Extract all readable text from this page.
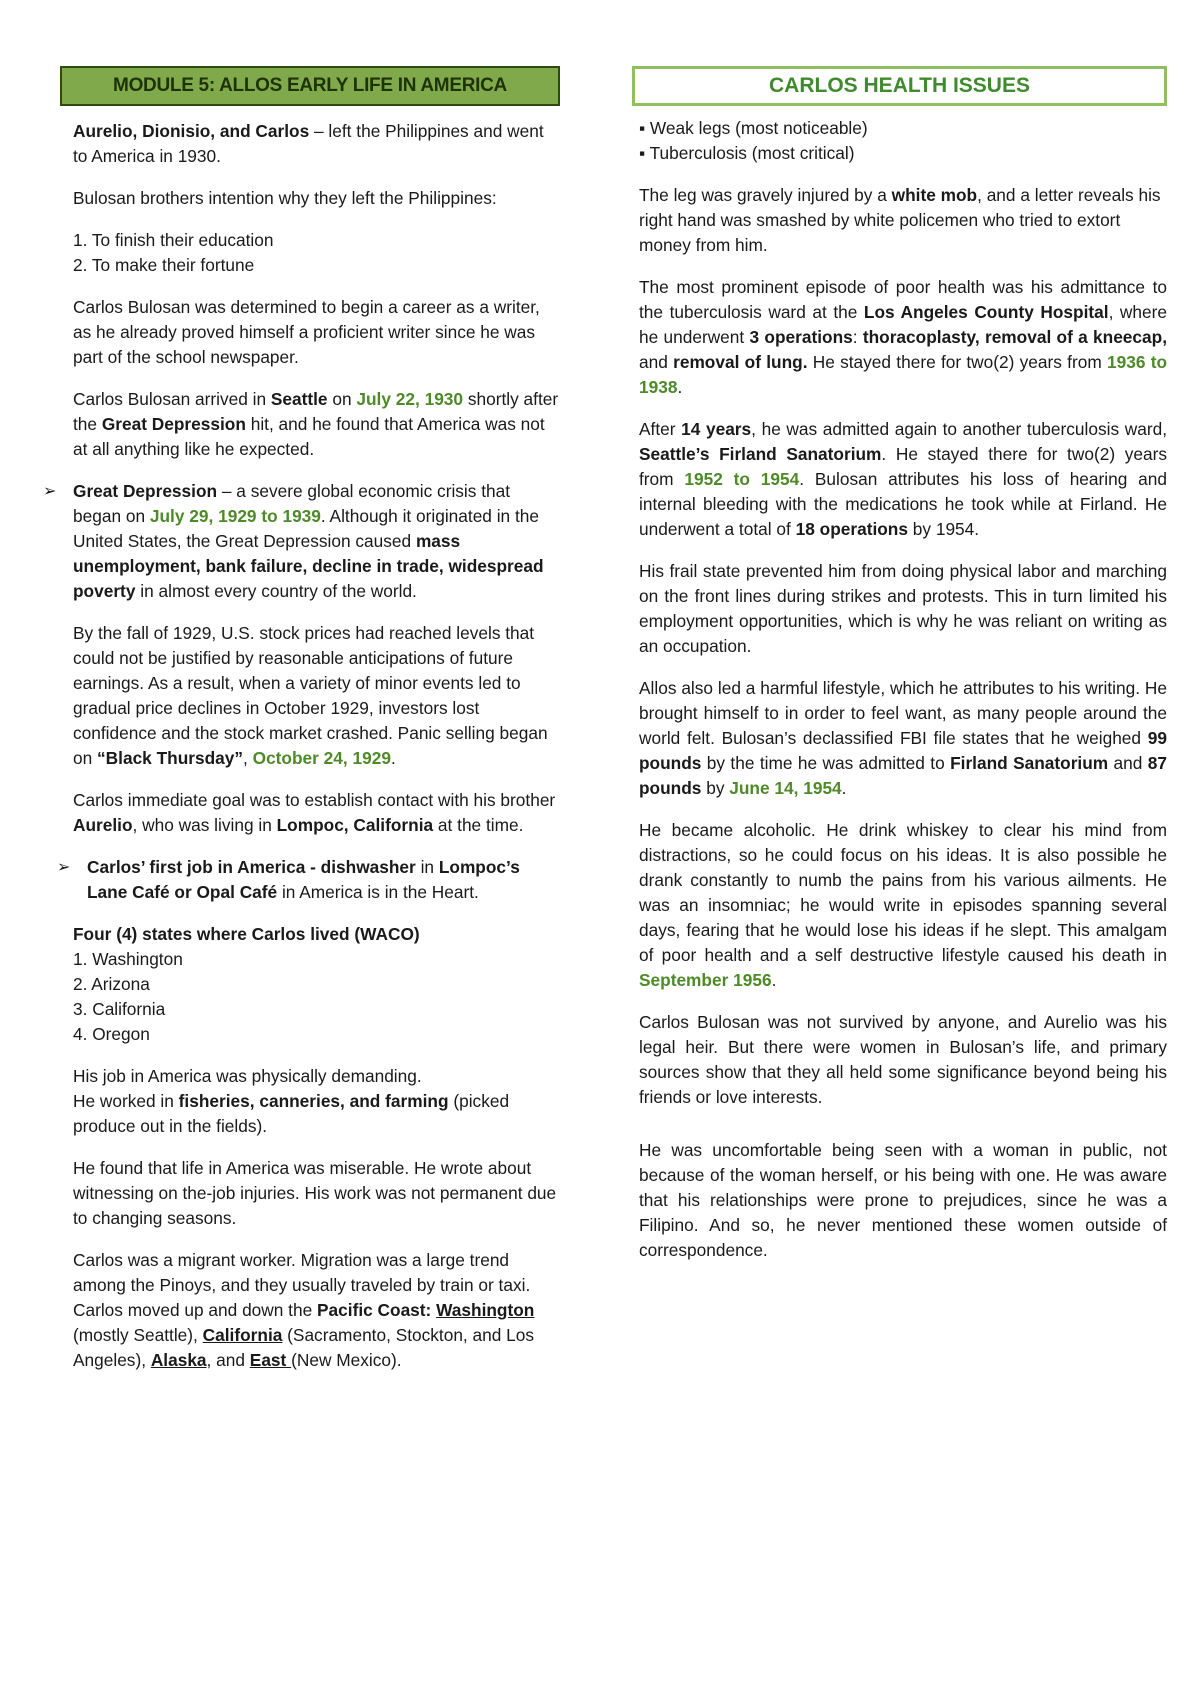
MODULE 5: ALLOS EARLY LIFE IN AMERICA

Aurelio, Dionisio, and Carlos – left the Philippines and went to America in 1930.

Bulosan brothers intention why they left the Philippines:

1. To finish their education
2. To make their fortune

Carlos Bulosan was determined to begin a career as a writer, as he already proved himself a proficient writer since he was part of the school newspaper.

Carlos Bulosan arrived in Seattle on July 22, 1930 shortly after the Great Depression hit, and he found that America was not at all anything like he expected.

➢ Great Depression – a severe global economic crisis that began on July 29, 1929 to 1939. Although it originated in the United States, the Great Depression caused mass unemployment, bank failure, decline in trade, widespread poverty in almost every country of the world.

By the fall of 1929, U.S. stock prices had reached levels that could not be justified by reasonable anticipations of future earnings. As a result, when a variety of minor events led to gradual price declines in October 1929, investors lost confidence and the stock market crashed. Panic selling began on “Black Thursday”, October 24, 1929.

Carlos immediate goal was to establish contact with his brother Aurelio, who was living in Lompoc, California at the time.

➢ Carlos’ first job in America - dishwasher in Lompoc’s Lane Café or Opal Café in America is in the Heart.

Four (4) states where Carlos lived (WACO)
1. Washington
2. Arizona
3. California
4. Oregon

His job in America was physically demanding.
He worked in fisheries, canneries, and farming (picked produce out in the fields).

He found that life in America was miserable. He wrote about witnessing on the-job injuries. His work was not permanent due to changing seasons.

Carlos was a migrant worker. Migration was a large trend among the Pinoys, and they usually traveled by train or taxi. Carlos moved up and down the Pacific Coast: Washington (mostly Seattle), California (Sacramento, Stockton, and Los Angeles), Alaska, and East (New Mexico).

CARLOS HEALTH ISSUES
▪ Weak legs (most noticeable)
▪ Tuberculosis (most critical)

The leg was gravely injured by a white mob, and a letter reveals his right hand was smashed by white policemen who tried to extort money from him.

The most prominent episode of poor health was his admittance to the tuberculosis ward at the Los Angeles County Hospital, where he underwent 3 operations: thoracoplasty, removal of a kneecap, and removal of lung. He stayed there for two(2) years from 1936 to 1938.

After 14 years, he was admitted again to another tuberculosis ward, Seattle’s Firland Sanatorium. He stayed there for two(2) years from 1952 to 1954. Bulosan attributes his loss of hearing and internal bleeding with the medications he took while at Firland. He underwent a total of 18 operations by 1954.

His frail state prevented him from doing physical labor and marching on the front lines during strikes and protests. This in turn limited his employment opportunities, which is why he was reliant on writing as an occupation.

Allos also led a harmful lifestyle, which he attributes to his writing. He brought himself to in order to feel want, as many people around the world felt. Bulosan’s declassified FBI file states that he weighed 99 pounds by the time he was admitted to Firland Sanatorium and 87 pounds by June 14, 1954.

He became alcoholic. He drink whiskey to clear his mind from distractions, so he could focus on his ideas. It is also possible he drank constantly to numb the pains from his various ailments. He was an insomniac; he would write in episodes spanning several days, fearing that he would lose his ideas if he slept. This amalgam of poor health and a self destructive lifestyle caused his death in September 1956.

Carlos Bulosan was not survived by anyone, and Aurelio was his legal heir. But there were women in Bulosan’s life, and primary sources show that they all held some significance beyond being his friends or love interests.

He was uncomfortable being seen with a woman in public, not because of the woman herself, or his being with one. He was aware that his relationships were prone to prejudices, since he was a Filipino. And so, he never mentioned these women outside of correspondence.
